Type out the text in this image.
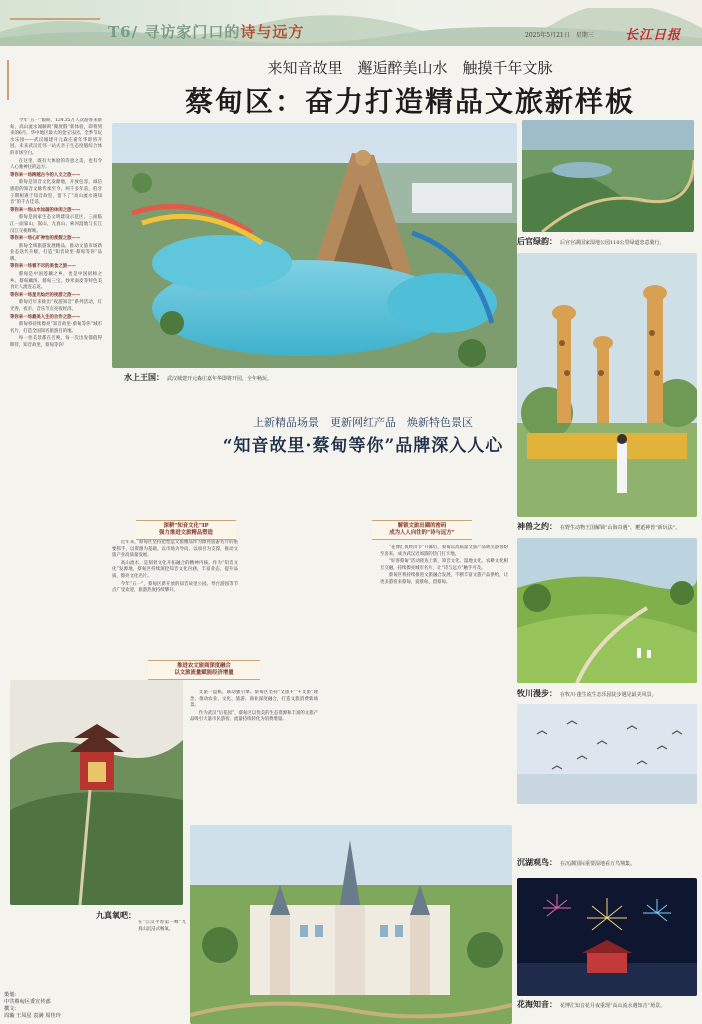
T6/ 寻访家门口的诗与远方	2025年5月21日　星期三 长江日报
来知音故里　邂逅醉美山水　触摸千年文脉
蔡甸区：奋力打造精品文旅新样板

今年“五一”假期，124.35万人次游客来蔡甸，高山流水闻解锁“微度假”新体验，即将到来的6月，华中地区最大的金宝乐园、全季节玩水乐园——武汉城建开元森庄嘉年华即将开园，未来武汉近邻一站式亲子生态度假综合体的市场空白。

在这里，既有大体验的诗意之美，也有令人心驰神往的远方。

等你来一场跨越古今的人文之旅——

蔡甸是知音文化发源地，开放包容，诚信感恩的知音文脉传承至今。两千多年前，伯牙子期相遇于知音故里，留下了“高山流水遇知音”的千古佳话。

等你来一场山水如画的休闲之旅——

蔡甸是国家生态文明建设示范区，三面临江一面靠山，嵩山、九真山、索河湿地与长江汉江交相辉映。

等你来一场心旷神怡的度假之旅——

蔡甸全域旅游发展精品，推动文旅市场新业态迭代升级，打造“知音故里·蔡甸等你”品牌。

等你来一场看不尽的美食之旅——

蔡甸是中国莲藕之乡，也是中国厨师之乡。蔡甸藕汤、蔡甸三宝、炒米面皮等特色美食让人流连忘返。

等你来一场星光灿烂的夜游之旅——

蔡甸近年来推出“夜游知音”系列活动，灯光秀、夜市、音乐节点亮夜经济。

等你来一场最美人生的合作之旅——

蔡甸将持续擦亮“知音故里·蔡甸等你”城市名片，打造全国知名旅游目的地。

每一处美景都在召唤，每一次出发都值得期待。知音故里，蔡甸等你！

水上王国： 武汉城建开元森庄嘉年华即将开园，全年畅玩。
后官绿韵： 后官官湖国家湿地公园110公里绿道恋意骑行。
神兽之约： 在野生动物王国解锁“山海奇遇”，邂逅神兽“新玩法”。
牧川漫步： 在牧川·蓬生流生态乐园徒步遇见最美风景。
沉湖观鸟： 在沉湖国际重要湿地看万鸟翔集。
花海知音： 花博汇知音花月夜重现“高山流水遇知音”场景。
上新精品场景　更新网红产品　焕新特色景区
“知音故里·蔡甸等你”品牌深入人心
深耕“知音文化”IP
强力推进文旅精品塑造

近年来，蔡甸区坚持把塑造文旅精品作为擦亮旅游名片的重要抓手，以资源为基础、以市场为导向、以项目为支撑，推动文旅产业高质量发展。

高山流水，是刻骨文化开拓融合的精神内核。作为“知音文化”发源地，蔡甸区持续深挖知音文化内涵，丰富业态，提升品质，擦亮文化名片。

今年“五一”，蔡甸区新开放的知音故里公园、琴台游园等节点广受欢迎，旅游热度持续攀升。

推进农文旅商深度融合
以文旅流量赋能经济增量

文旅一盘棋，联动强引擎。蔡甸区坚持“文旅+”“+文旅”理念，推动农业、文化、旅游、商业深度融合，打造文旅消费新场景。

作为武汉“后花园”，蔡甸区以优美的生态资源和丰富的文旅产品吸引大量市民游客，流量持续转化为消费增量。

解锁文旅出圈的密码
成为人人向往的“诗与远方”

“花博汇夜经济节”开幕后，蔡甸以高质量文旅产品吸引游客纷至沓来，成为武汉近郊游的热门打卡地。

“好客蔡甸”活动接连上新，知音文化、湿地文化、农耕文化相互交融，持续擦亮城市名片，让“诗与远方”触手可及。

蔡甸区将持续推进文旅融合发展，不断丰富文旅产品供给，让更多游客来蔡甸、爱蔡甸、留蔡甸。

九真氧吧：
在“江汉平原第一峰”九真山沉浸式畅氧。
策划：
中共蔡甸区委宣传部
撰文：
周璇 王凤星 袁满 周佳玲
